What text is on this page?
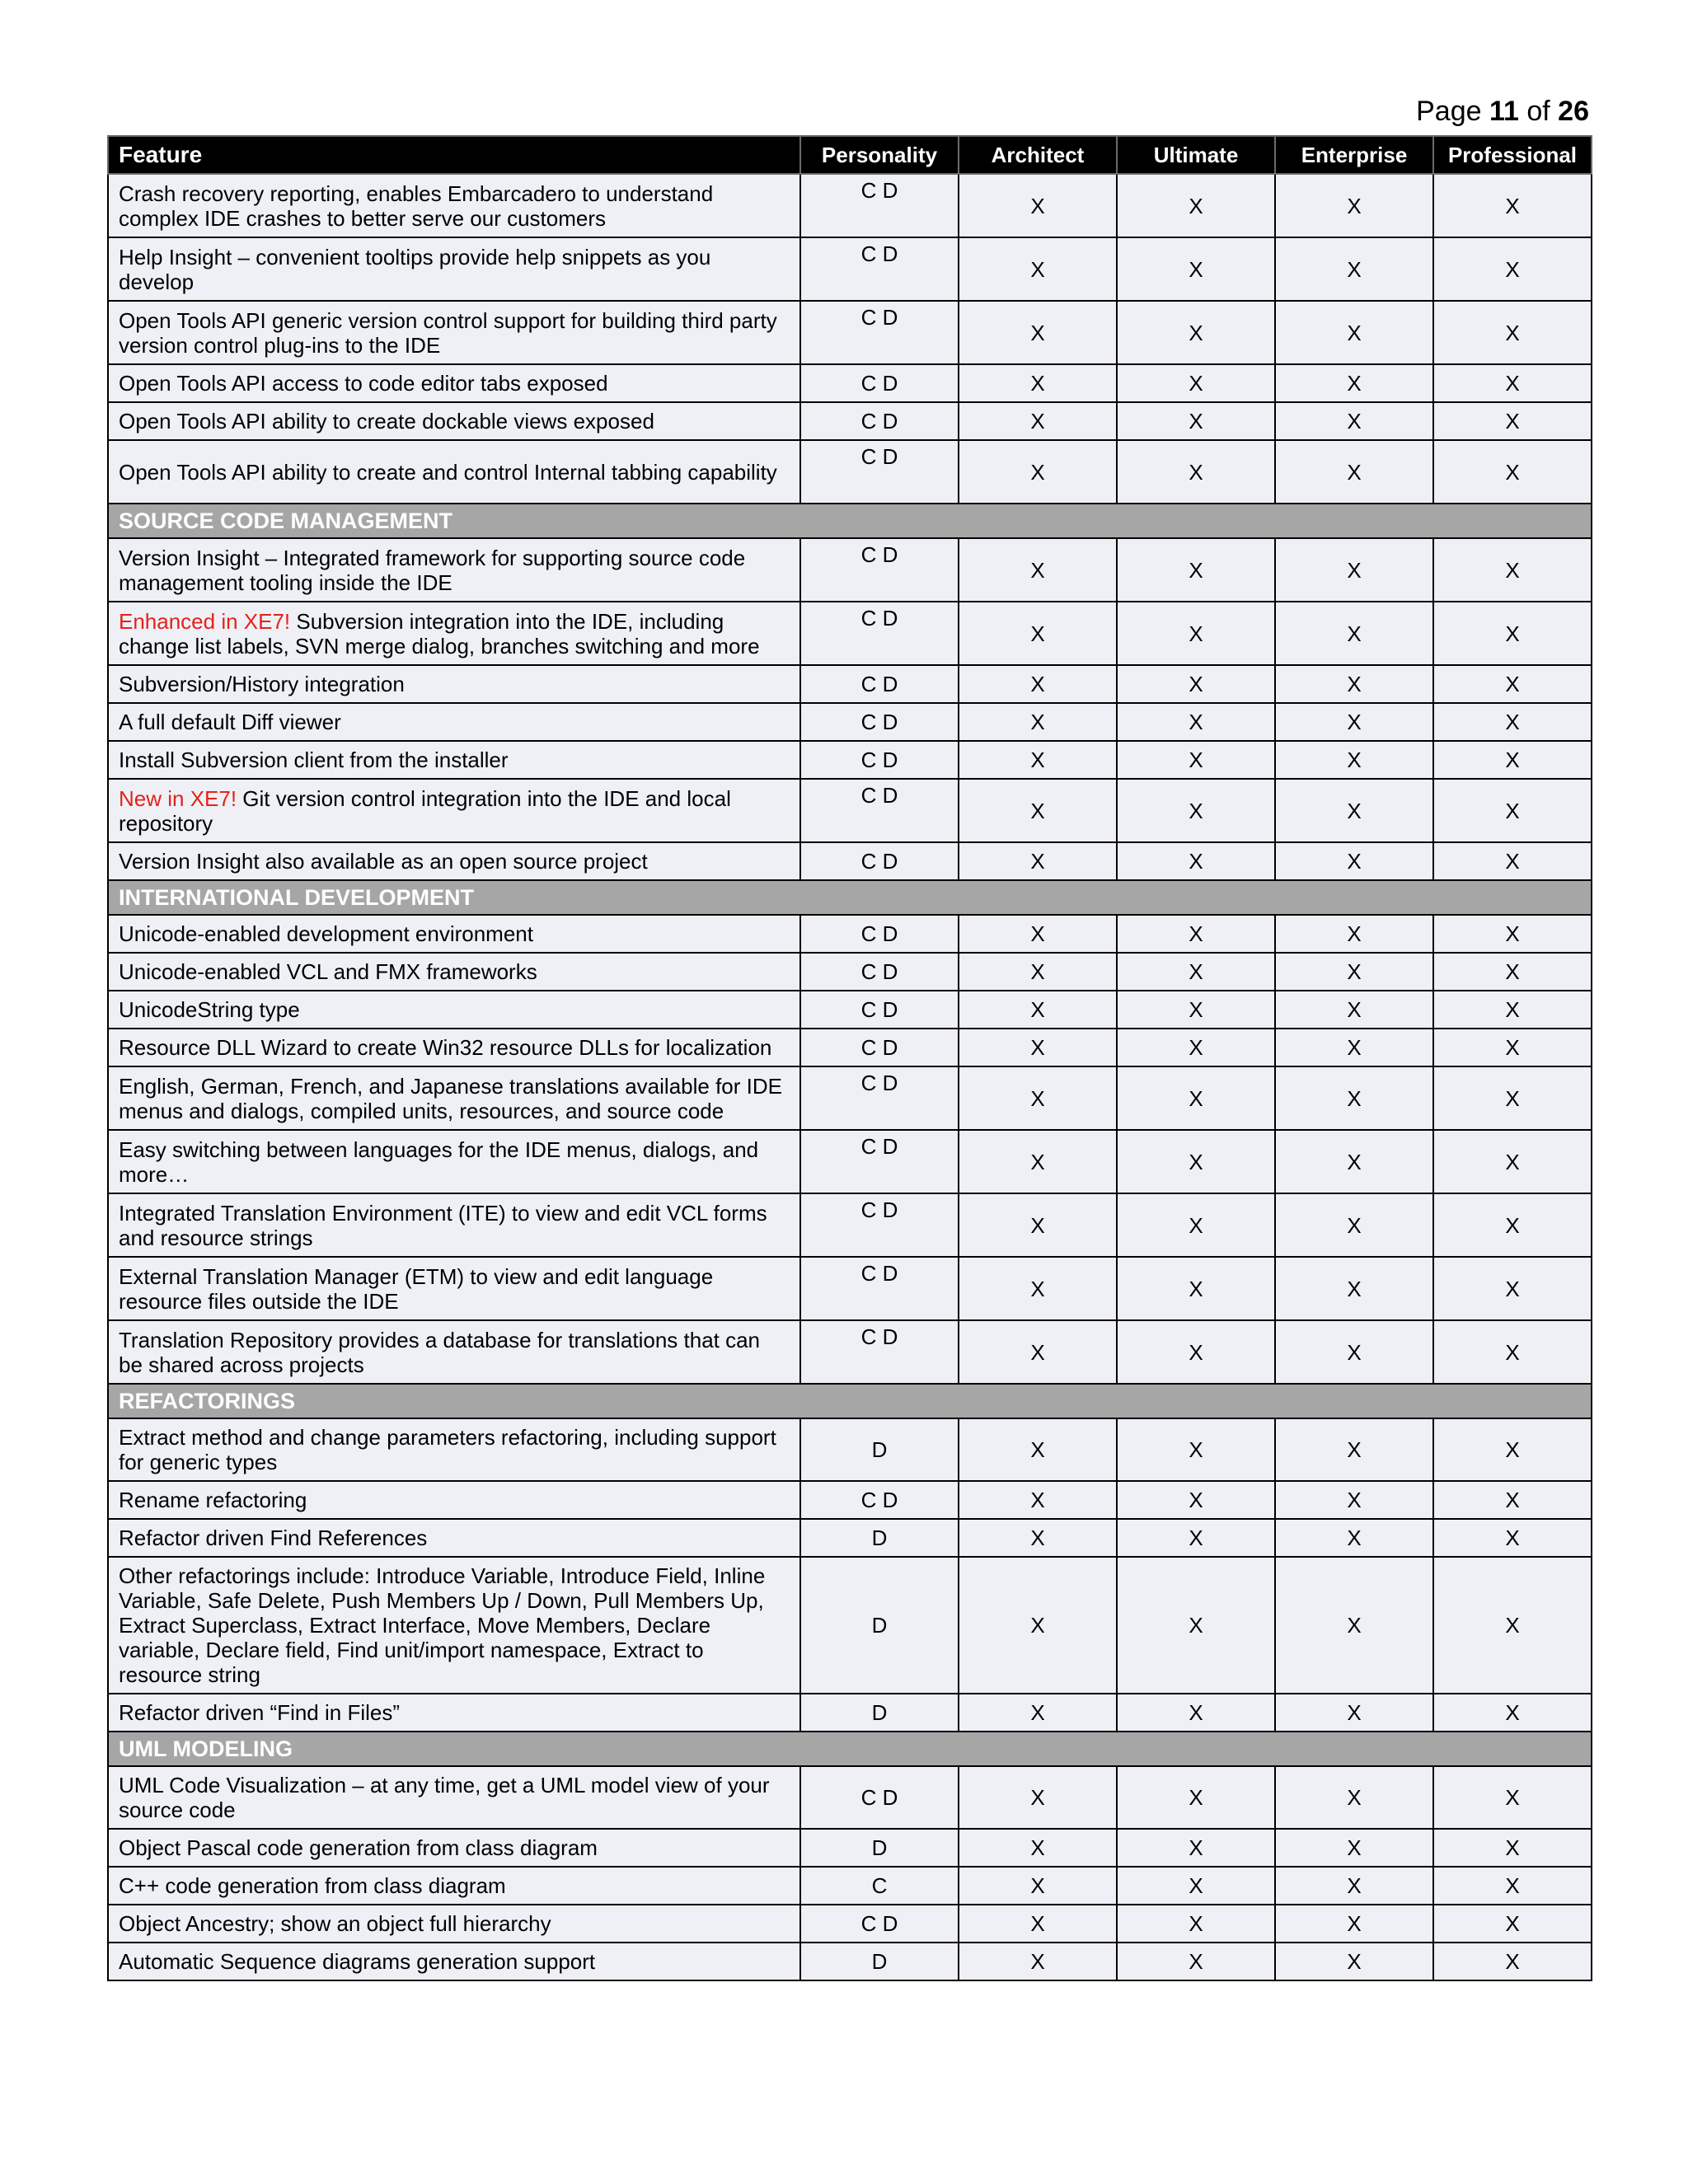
Page 11 of 26
Feature	Personality	Architect	Ultimate	Enterprise	Professional
Crash recovery reporting, enables Embarcadero to understand complex IDE crashes to better serve our customers	C D	X	X	X	X
Help Insight – convenient tooltips provide help snippets as you develop	C D	X	X	X	X
Open Tools API generic version control support for building third party version control plug-ins to the IDE	C D	X	X	X	X
Open Tools API access to code editor tabs exposed	C D	X	X	X	X
Open Tools API ability to create dockable views exposed	C D	X	X	X	X
Open Tools API ability to create and control Internal tabbing capability	C D	X	X	X	X
SOURCE CODE MANAGEMENT					
Version Insight – Integrated framework for supporting source code management tooling inside the IDE	C D	X	X	X	X
Enhanced in XE7! Subversion integration into the IDE, including change list labels, SVN merge dialog, branches switching and more	C D	X	X	X	X
Subversion/History integration	C D	X	X	X	X
A full default Diff viewer	C D	X	X	X	X
Install Subversion client from the installer	C D	X	X	X	X
New in XE7! Git version control integration into the IDE and local repository	C D	X	X	X	X
Version Insight also available as an open source project	C D	X	X	X	X
INTERNATIONAL DEVELOPMENT					
Unicode-enabled development environment	C D	X	X	X	X
Unicode-enabled VCL and FMX frameworks	C D	X	X	X	X
UnicodeString type	C D	X	X	X	X
Resource DLL Wizard to create Win32 resource DLLs for localization	C D	X	X	X	X
English, German, French, and Japanese translations available for IDE menus and dialogs, compiled units, resources, and source code	C D	X	X	X	X
Easy switching between languages for the IDE menus, dialogs, and more…	C D	X	X	X	X
Integrated Translation Environment (ITE) to view and edit VCL forms and resource strings	C D	X	X	X	X
External Translation Manager (ETM) to view and edit language resource files outside the IDE	C D	X	X	X	X
Translation Repository provides a database for translations that can be shared across projects	C D	X	X	X	X
REFACTORINGS					
Extract method and change parameters refactoring, including support for generic types	D	X	X	X	X
Rename refactoring	C D	X	X	X	X
Refactor driven Find References	D	X	X	X	X
Other refactorings include: Introduce Variable, Introduce Field, Inline Variable, Safe Delete, Push Members Up / Down, Pull Members Up, Extract Superclass, Extract Interface, Move Members, Declare variable, Declare field, Find unit/import namespace, Extract to resource string	D	X	X	X	X
Refactor driven “Find in Files”	D	X	X	X	X
UML MODELING					
UML Code Visualization – at any time, get a UML model view of your source code	C D	X	X	X	X
Object Pascal code generation from class diagram	D	X	X	X	X
C++ code generation from class diagram	C	X	X	X	X
Object Ancestry; show an object full hierarchy	C D	X	X	X	X
Automatic Sequence diagrams generation support	D	X	X	X	X
